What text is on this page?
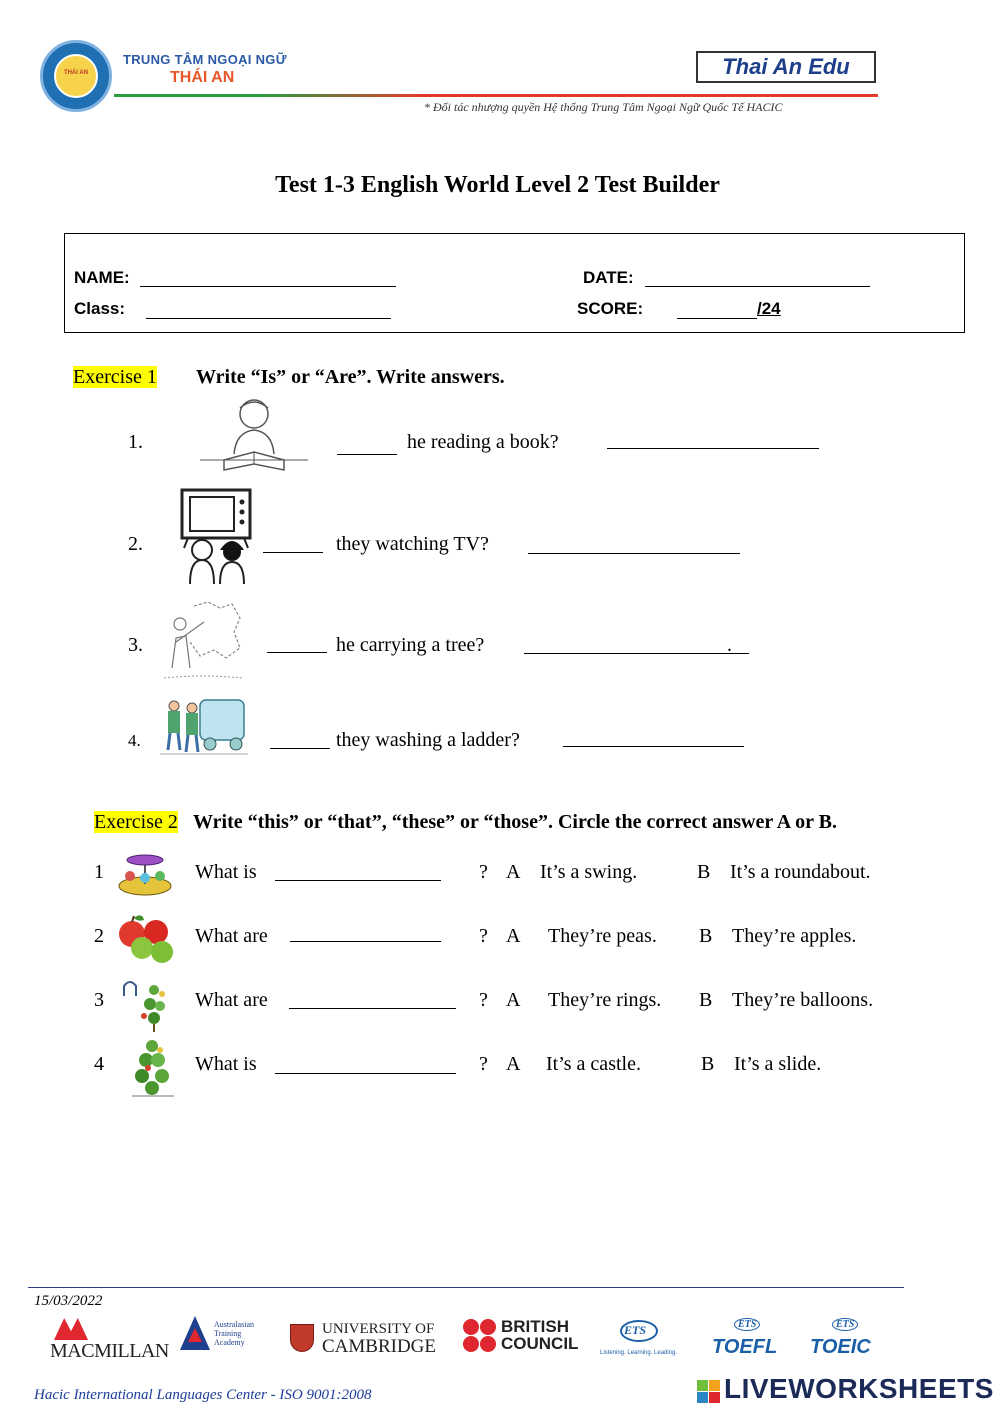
THÁI AN
TRUNG TÂM NGOẠI NGỮ
THÁI AN	Thai An Edu
* Đối tác nhượng quyền Hệ thống Trung Tâm Ngoại Ngữ Quốc Tế HACIC
Test 1-3 English World Level 2 Test Builder
NAME:	DATE:
Class:	SCORE:	/24
Exercise 1 Write “Is” or “Are”. Write answers.
1.	he reading a book?
2.	they watching TV?
3.	he carrying a tree?	.
4.	they washing a ladder?
Exercise 2 Write “this” or “that”, “these” or “those”. Circle the correct answer A or B.
1	What is	? A It’s a swing.	B It’s a roundabout.
2	What are	? A They’re peas. B They’re apples.
3	What are	? A They’re rings. B They’re balloons.
4	What is	? A It’s a castle.	B It’s a slide.
15/03/2022
MACMILLAN
Australasian
Training
Academy
UNIVERSITY OF
CAMBRIDGE
BRITISH
COUNCIL
ETS
Listening. Learning. Leading.
ETS
TOEFL
ETS
TOEIC
Hacic International Languages Center - ISO 9001:2008	LIVEWORKSHEETS
